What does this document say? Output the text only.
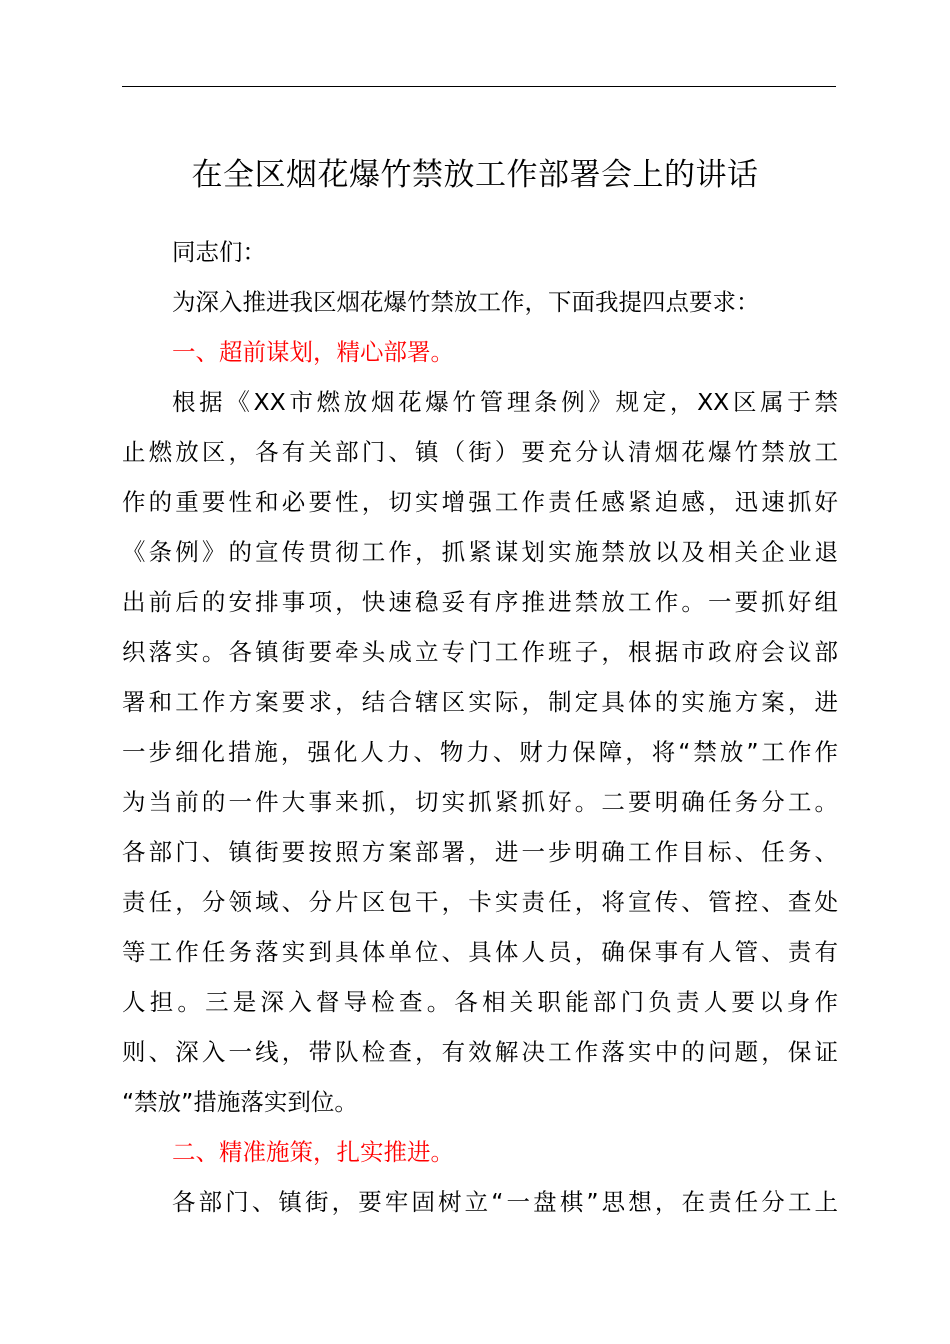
在全区烟花爆竹禁放工作部署会上的讲话
同志们：
为深入推进我区烟花爆竹禁放工作，下面我提四点要求：
一、超前谋划，精心部署。
根据《XX市燃放烟花爆竹管理条例》规定，XX区属于禁
止燃放区，各有关部门、镇（街）要充分认清烟花爆竹禁放工
作的重要性和必要性，切实增强工作责任感紧迫感，迅速抓好
《条例》的宣传贯彻工作，抓紧谋划实施禁放以及相关企业退
出前后的安排事项，快速稳妥有序推进禁放工作。一要抓好组
织落实。各镇街要牵头成立专门工作班子，根据市政府会议部
署和工作方案要求，结合辖区实际，制定具体的实施方案，进
一步细化措施，强化人力、物力、财力保障，将“禁放”工作作
为当前的一件大事来抓，切实抓紧抓好。二要明确任务分工。
各部门、镇街要按照方案部署，进一步明确工作目标、任务、
责任，分领域、分片区包干，卡实责任，将宣传、管控、查处
等工作任务落实到具体单位、具体人员，确保事有人管、责有
人担。三是深入督导检查。各相关职能部门负责人要以身作
则、深入一线，带队检查，有效解决工作落实中的问题，保证
“禁放”措施落实到位。
二、精准施策，扎实推进。
各部门、镇街，要牢固树立“一盘棋”思想，在责任分工上
